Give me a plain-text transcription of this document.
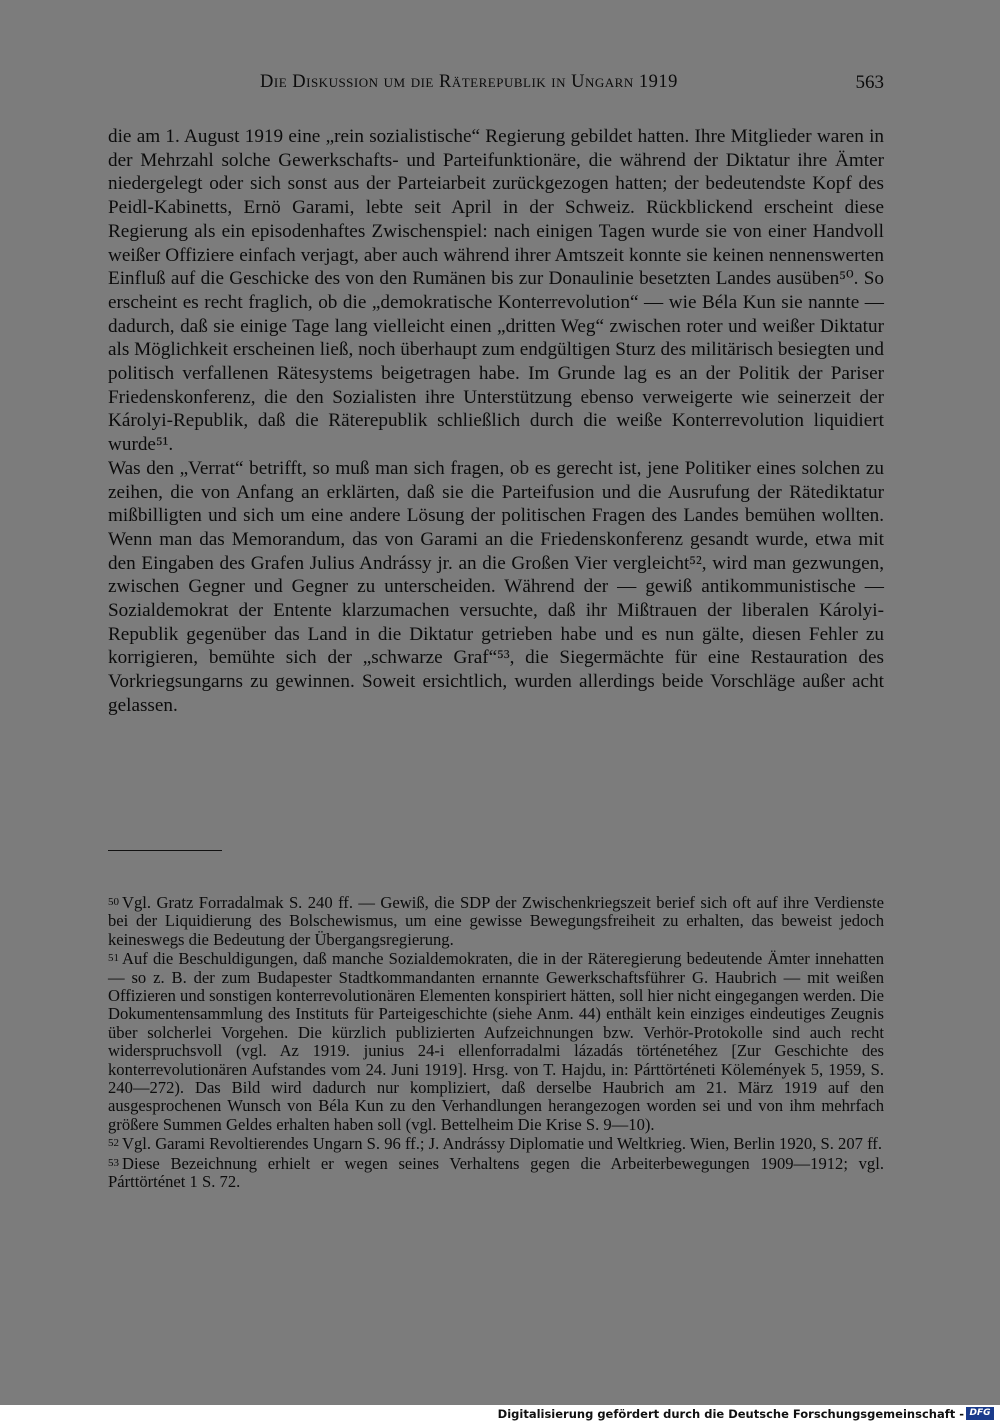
Die Diskussion um die Räterepublik in Ungarn 1919	563

die am 1. August 1919 eine „rein sozialistische“ Regierung gebildet hatten. Ihre Mitglieder waren in der Mehrzahl solche Gewerkschafts- und Parteifunktionäre, die während der Diktatur ihre Ämter niedergelegt oder sich sonst aus der Parteiarbeit zurückgezogen hatten; der bedeutendste Kopf des Peidl-Kabinetts, Ernö Garami, lebte seit April in der Schweiz. Rückblickend erscheint diese Regierung als ein episodenhaftes Zwischenspiel: nach einigen Tagen wurde sie von einer Handvoll weißer Offiziere einfach verjagt, aber auch während ihrer Amtszeit konnte sie keinen nennenswerten Einfluß auf die Geschicke des von den Rumänen bis zur Donaulinie besetzten Landes ausüben⁵⁰. So erscheint es recht fraglich, ob die „demokratische Konterrevolution“ — wie Béla Kun sie nannte — dadurch, daß sie einige Tage lang vielleicht einen „dritten Weg“ zwischen roter und weißer Diktatur als Möglichkeit erscheinen ließ, noch überhaupt zum endgültigen Sturz des militärisch besiegten und politisch verfallenen Rätesystems beigetragen habe. Im Grunde lag es an der Politik der Pariser Friedenskonferenz, die den Sozialisten ihre Unterstützung ebenso verweigerte wie seinerzeit der Károlyi-Republik, daß die Räterepublik schließlich durch die weiße Konterrevolution liquidiert wurde⁵¹.

Was den „Verrat“ betrifft, so muß man sich fragen, ob es gerecht ist, jene Politiker eines solchen zu zeihen, die von Anfang an erklärten, daß sie die Parteifusion und die Ausrufung der Rätediktatur mißbilligten und sich um eine andere Lösung der politischen Fragen des Landes bemühen wollten. Wenn man das Memorandum, das von Garami an die Friedenskonferenz gesandt wurde, etwa mit den Eingaben des Grafen Julius Andrássy jr. an die Großen Vier vergleicht⁵², wird man gezwungen, zwischen Gegner und Gegner zu unterscheiden. Während der — gewiß antikommunistische — Sozialdemokrat der Entente klarzumachen versuchte, daß ihr Mißtrauen der liberalen Károlyi-Republik gegenüber das Land in die Diktatur getrieben habe und es nun gälte, diesen Fehler zu korrigieren, bemühte sich der „schwarze Graf“⁵³, die Siegermächte für eine Restauration des Vorkriegsungarns zu gewinnen. Soweit ersichtlich, wurden allerdings beide Vorschläge außer acht gelassen.

50 Vgl. Gratz Forradalmak S. 240 ff. — Gewiß, die SDP der Zwischenkriegszeit berief sich oft auf ihre Verdienste bei der Liquidierung des Bolschewismus, um eine gewisse Bewegungsfreiheit zu erhalten, das beweist jedoch keineswegs die Bedeutung der Übergangsregierung.

51 Auf die Beschuldigungen, daß manche Sozialdemokraten, die in der Räteregierung bedeutende Ämter innehatten — so z. B. der zum Budapester Stadtkommandanten ernannte Gewerkschaftsführer G. Haubrich — mit weißen Offizieren und sonstigen konterrevolutionären Elementen konspiriert hätten, soll hier nicht eingegangen werden. Die Dokumentensammlung des Instituts für Parteigeschichte (siehe Anm. 44) enthält kein einziges eindeutiges Zeugnis über solcherlei Vorgehen. Die kürzlich publizierten Aufzeichnungen bzw. Verhör-Protokolle sind auch recht widerspruchsvoll (vgl. Az 1919. junius 24-i ellenforradalmi lázadás történetéhez [Zur Geschichte des konterrevolutionären Aufstandes vom 24. Juni 1919]. Hrsg. von T. Hajdu, in: Párttörténeti Kölemények 5, 1959, S. 240—272). Das Bild wird dadurch nur kompliziert, daß derselbe Haubrich am 21. März 1919 auf den ausgesprochenen Wunsch von Béla Kun zu den Verhandlungen herangezogen worden sei und von ihm mehrfach größere Summen Geldes erhalten haben soll (vgl. Bettelheim Die Krise S. 9—10).

52 Vgl. Garami Revoltierendes Ungarn S. 96 ff.; J. Andrássy Diplomatie und Weltkrieg. Wien, Berlin 1920, S. 207 ff.

53 Diese Bezeichnung erhielt er wegen seines Verhaltens gegen die Arbeiterbewegungen 1909—1912; vgl. Párttörténet 1 S. 72.

Digitalisierung gefördert durch die Deutsche Forschungsgemeinschaft - DFG
